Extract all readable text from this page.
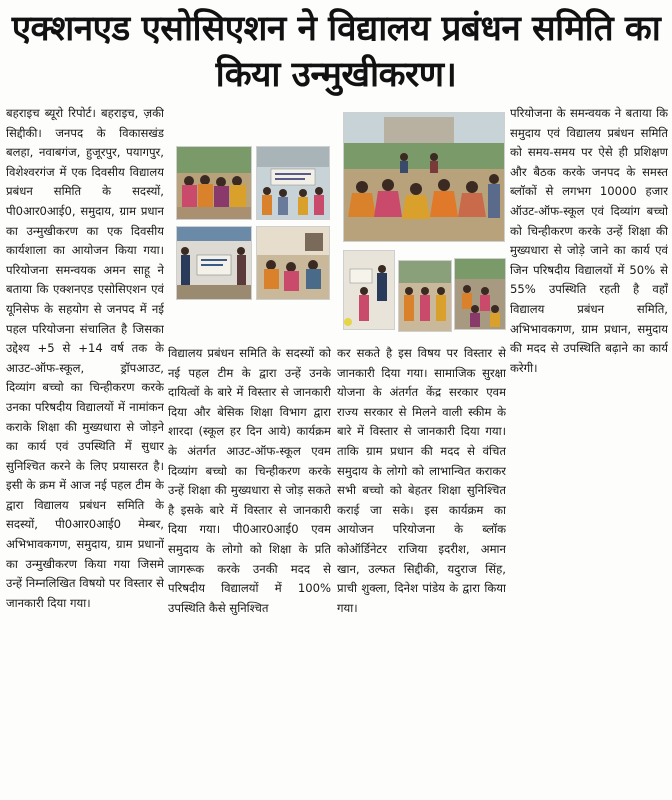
एक्शनएड एसोसिएशन ने विद्यालय प्रबंधन समिति का
किया उन्मुखीकरण।

बहराइच ब्यूरो रिपोर्ट। बहराइच, ज़की सिद्दीकी। जनपद के विकासखंड बलहा, नवाबगंज, हुजूरपुर, पयागपुर, विशेश्वरगंज में एक दिवसीय विद्यालय प्रबंधन समिति के सदस्यों, पी0आर0आई0, समुदाय, ग्राम प्रधान का उन्मुखीकरण का एक दिवसीय कार्यशाला का आयोजन किया गया। परियोजना समन्वयक अमन साहू ने बताया कि एक्शनएड एसोसिएशन एवं यूनिसेफ के सहयोग से जनपद में नई पहल परियोजना संचालित है जिसका उद्देश्य +5 से +14 वर्ष तक के आउट-ऑफ-स्कूल, ड्रॉपआउट, दिव्यांग बच्चो का चिन्हीकरण करके उनका परिषदीय विद्यालयों में नामांकन कराके शिक्षा की मुख्यधारा से जोड़ने का कार्य एवं उपस्थिति में सुधार सुनिश्चित करने के लिए प्रयासरत है। इसी के क्रम में आज नई पहल टीम के द्वारा विद्यालय प्रबंधन समिति के सदस्यों, पी0आर0आई0 मेम्बर, अभिभावकगण, समुदाय, ग्राम प्रधानों का उन्मुखीकरण किया गया जिसमे उन्हें निम्नलिखित विषयो पर विस्तार से जानकारी दिया गया।

विद्यालय प्रबंधन समिति के सदस्यों को नई पहल टीम के द्वारा उन्हें उनके दायित्वों के बारे में विस्तार से जानकारी दिया और बेसिक शिक्षा विभाग द्वारा शारदा (स्कूल हर दिन आये) कार्यक्रम के अंतर्गत आउट-ऑफ-स्कूल एवम दिव्यांग बच्चो का चिन्हीकरण करके उन्हें शिक्षा की मुख्यधारा से जोड़ सकते है इसके बारे में विस्तार से जानकारी दिया गया। पी0आर0आई0 एवम समुदाय के लोगो को शिक्षा के प्रति जागरूक करके उनकी मदद से परिषदीय विद्यालयों में 100% उपस्थिति कैसे सुनिश्चित

कर सकते है इस विषय पर विस्तार से जानकारी दिया गया। सामाजिक सुरक्षा योजना के अंतर्गत केंद्र सरकार एवम राज्य सरकार से मिलने वाली स्कीम के बारे में विस्तार से जानकारी दिया गया। ताकि ग्राम प्रधान की मदद से वंचित समुदाय के लोगो को लाभान्वित कराकर सभी बच्चो को बेहतर शिक्षा सुनिश्चित कराई जा सके। इस कार्यक्रम का आयोजन परियोजना के ब्लॉक कोऑर्डिनेटर राजिया इदरीश, अमान खान, उल्फत सिद्दीकी, यदुराज सिंह, प्राची शुक्ला, दिनेश पांडेय के द्वारा किया गया।

परियोजना के समन्वयक ने बताया कि समुदाय एवं विद्यालय प्रबंधन समिति को समय-समय पर ऐसे ही प्रशिक्षण और बैठक करके जनपद के समस्त ब्लॉकों से लगभग 10000 हजार ऑउट-ऑफ-स्कूल एवं दिव्यांग बच्चो को चिन्हीकरण करके उन्हें शिक्षा की मुख्यधारा से जोड़े जाने का कार्य एवं जिन परिषदीय विद्यालयों में 50% से 55% उपस्थिति रहती है वहाँ विद्यालय प्रबंधन समिति, अभिभावकगण, ग्राम प्रधान, समुदाय की मदद से उपस्थिति बढ़ाने का कार्य करेगी।
